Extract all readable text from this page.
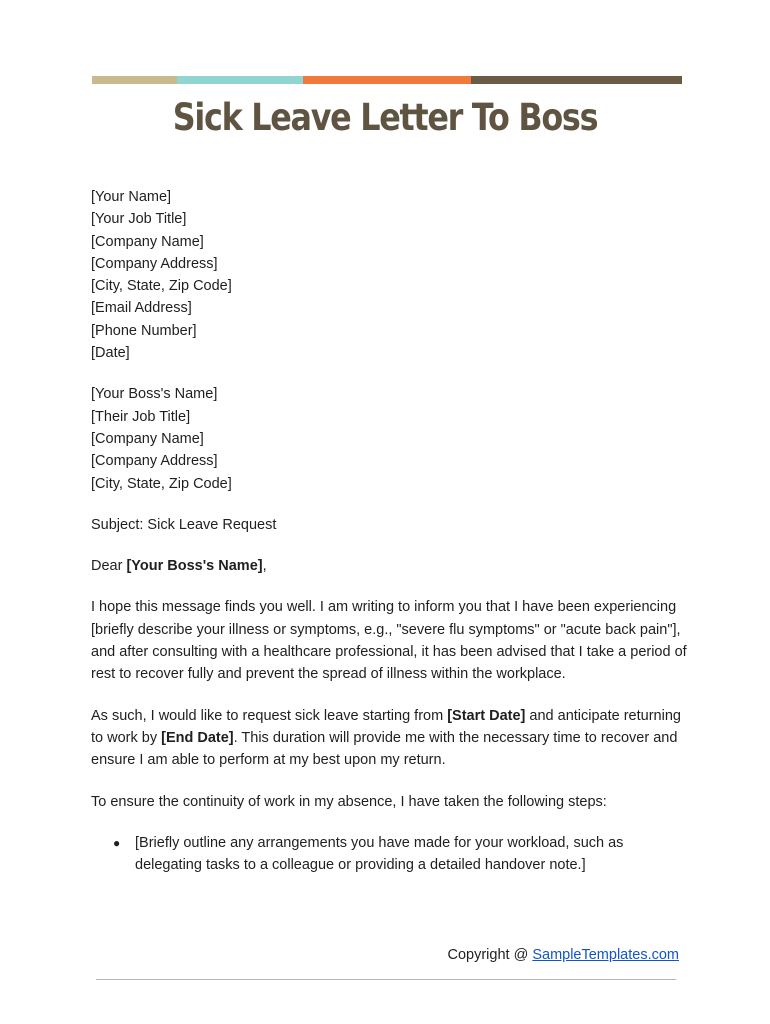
Sick Leave Letter To Boss
[Your Name]
[Your Job Title]
[Company Name]
[Company Address]
[City, State, Zip Code]
[Email Address]
[Phone Number]
[Date]
[Your Boss's Name]
[Their Job Title]
[Company Name]
[Company Address]
[City, State, Zip Code]

Subject: Sick Leave Request

Dear [Your Boss's Name],

I hope this message finds you well. I am writing to inform you that I have been experiencing [briefly describe your illness or symptoms, e.g., "severe flu symptoms" or "acute back pain"], and after consulting with a healthcare professional, it has been advised that I take a period of rest to recover fully and prevent the spread of illness within the workplace.

As such, I would like to request sick leave starting from [Start Date] and anticipate returning to work by [End Date]. This duration will provide me with the necessary time to recover and ensure I am able to perform at my best upon my return.

To ensure the continuity of work in my absence, I have taken the following steps:

● [Briefly outline any arrangements you have made for your workload, such as delegating tasks to a colleague or providing a detailed handover note.]
Copyright @ SampleTemplates.com
